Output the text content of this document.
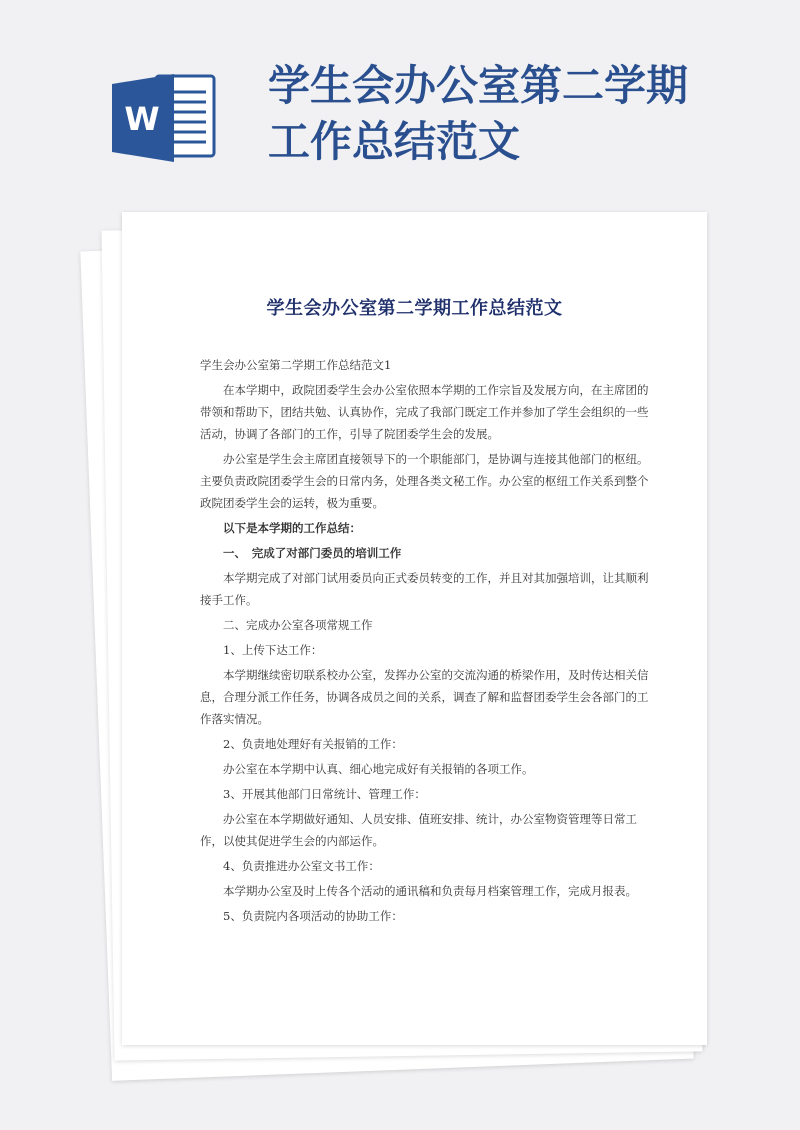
W
学生会办公室第二学期
工作总结范文
学生会办公室第二学期工作总结范文

学生会办公室第二学期工作总结范文1

在本学期中，政院团委学生会办公室依照本学期的工作宗旨及发展方向，在主席团的带领和帮助下，团结共勉、认真协作，完成了我部门既定工作并参加了学生会组织的一些活动，协调了各部门的工作，引导了院团委学生会的发展。

办公室是学生会主席团直接领导下的一个职能部门，是协调与连接其他部门的枢纽。主要负责政院团委学生会的日常内务，处理各类文秘工作。办公室的枢纽工作关系到整个政院团委学生会的运转，极为重要。

以下是本学期的工作总结：

一、　完成了对部门委员的培训工作

本学期完成了对部门试用委员向正式委员转变的工作，并且对其加强培训，让其顺利接手工作。

二、完成办公室各项常规工作

1、上传下达工作：

本学期继续密切联系校办公室，发挥办公室的交流沟通的桥梁作用，及时传达相关信息，合理分派工作任务，协调各成员之间的关系，调查了解和监督团委学生会各部门的工作落实情况。

2、负责地处理好有关报销的工作：

办公室在本学期中认真、细心地完成好有关报销的各项工作。

3、开展其他部门日常统计、管理工作：

办公室在本学期做好通知、人员安排、值班安排、统计，办公室物资管理等日常工作，以使其促进学生会的内部运作。

4、负责推进办公室文书工作：

本学期办公室及时上传各个活动的通讯稿和负责每月档案管理工作，完成月报表。

5、负责院内各项活动的协助工作：
